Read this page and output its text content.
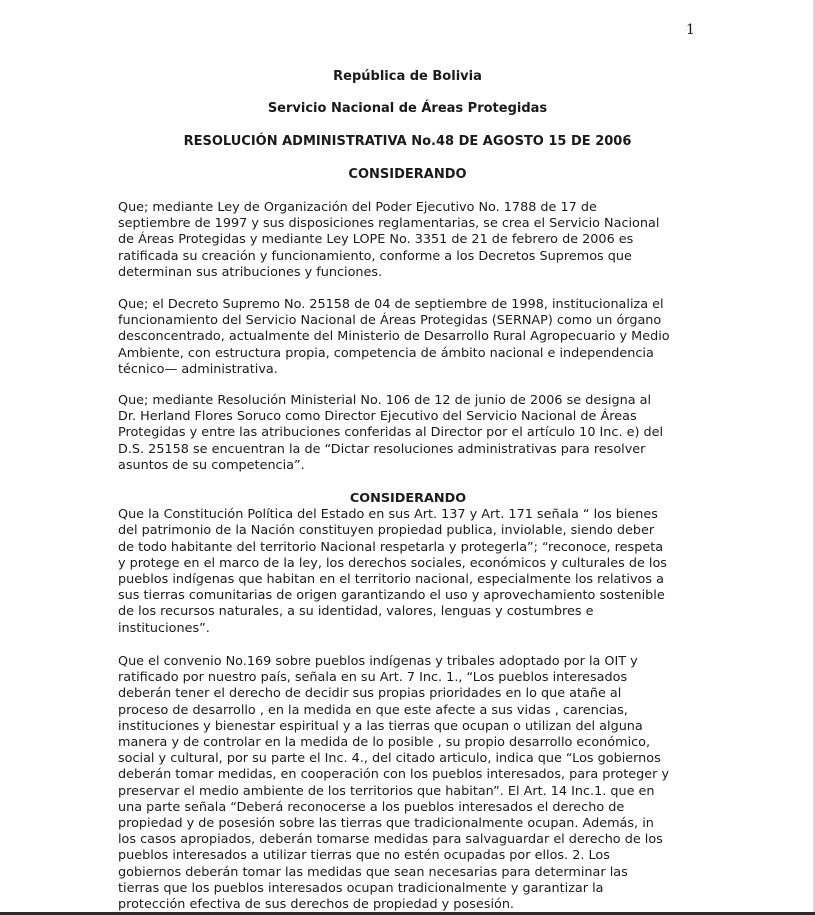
1
República de Bolivia
Servicio Nacional de Áreas Protegidas
RESOLUCIÓN ADMINISTRATIVA No.48 DE AGOSTO 15 DE 2006
CONSIDERANDO
Que; mediante Ley de Organización del Poder Ejecutivo No. 1788 de 17 de
septiembre de 1997 y sus disposiciones reglamentarias, se crea el Servicio Nacional
de Áreas Protegidas y mediante Ley LOPE No. 3351 de 21 de febrero de 2006 es
ratificada su creación y funcionamiento, conforme a los Decretos Supremos que
determinan sus atribuciones y funciones.
Que; el Decreto Supremo No. 25158 de 04 de septiembre de 1998, institucionaliza el
funcionamiento del Servicio Nacional de Áreas Protegidas (SERNAP) como un órgano
desconcentrado, actualmente del Ministerio de Desarrollo Rural Agropecuario y Medio
Ambiente, con estructura propia, competencia de ámbito nacional e independencia
técnico— administrativa.
Que; mediante Resolución Ministerial No. 106 de 12 de junio de 2006 se designa al
Dr. Herland Flores Soruco como Director Ejecutivo del Servicio Nacional de Áreas
Protegidas y entre las atribuciones conferidas al Director por el artículo 10 Inc. e) del
D.S. 25158 se encuentran la de “Dictar resoluciones administrativas para resolver
asuntos de su competencia”.
CONSIDERANDO
Que la Constitución Política del Estado en sus Art. 137 y Art. 171 señala “ los bienes
del patrimonio de la Nación constituyen propiedad publica, inviolable, siendo deber
de todo habitante del territorio Nacional respetarla y protegerla”; “reconoce, respeta
y protege en el marco de la ley, los derechos sociales, económicos y culturales de los
pueblos indígenas que habitan en el territorio nacional, especialmente los relativos a
sus tierras comunitarias de origen garantizando el uso y aprovechamiento sostenible
de los recursos naturales, a su identidad, valores, lenguas y costumbres e
instituciones”.
Que el convenio No.169 sobre pueblos indígenas y tribales adoptado por la OIT y
ratificado por nuestro país, señala en su Art. 7 Inc. 1., “Los pueblos interesados
deberán tener el derecho de decidir sus propias prioridades en lo que atañe al
proceso de desarrollo , en la medida en que este afecte a sus vidas , carencias,
instituciones y bienestar espiritual y a las tierras que ocupan o utilizan del alguna
manera y de controlar en la medida de lo posible , su propio desarrollo económico,
social y cultural, por su parte el Inc. 4., del citado articulo, indica que “Los gobiernos
deberán tomar medidas, en cooperación con los pueblos interesados, para proteger y
preservar el medio ambiente de los territorios que habitan”. El Art. 14 Inc.1. que en
una parte señala “Deberá reconocerse a los pueblos interesados el derecho de
propiedad y de posesión sobre las tierras que tradicionalmente ocupan. Además, in
los casos apropiados, deberán tomarse medidas para salvaguardar el derecho de los
pueblos interesados a utilizar tierras que no estén ocupadas por ellos. 2. Los
gobiernos deberán tomar las medidas que sean necesarias para determinar las
tierras que los pueblos interesados ocupan tradicionalmente y garantizar la
protección efectiva de sus derechos de propiedad y posesión.
